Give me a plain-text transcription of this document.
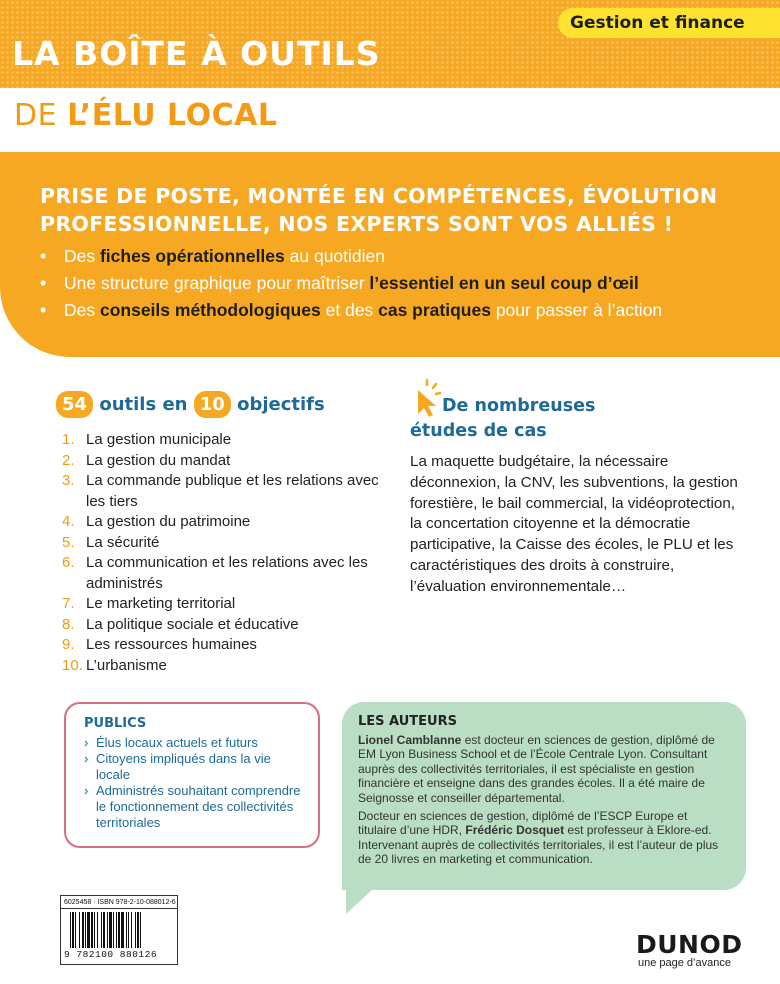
Gestion et finance
LA BOÎTE À OUTILS
DE L’ÉLU LOCAL
PRISE DE POSTE, MONTÉE EN COMPÉTENCES, ÉVOLUTION PROFESSIONNELLE, NOS EXPERTS SONT VOS ALLIÉS !
• Des fiches opérationnelles au quotidien
• Une structure graphique pour maîtriser l’essentiel en un seul coup d’œil
• Des conseils méthodologiques et des cas pratiques pour passer à l’action
54 outils en 10 objectifs
1. La gestion municipale
2. La gestion du mandat
3. La commande publique et les relations avec les tiers
4. La gestion du patrimoine
5. La sécurité
6. La communication et les relations avec les administrés
7. Le marketing territorial
8. La politique sociale et éducative
9. Les ressources humaines
10. L’urbanisme
De nombreuses
études de cas
La maquette budgétaire, la nécessaire déconnexion, la CNV, les subventions, la gestion forestière, le bail commercial, la vidéoprotection, la concertation citoyenne et la démocratie participative, la Caisse des écoles, le PLU et les caractéristiques des droits à construire, l’évaluation environnementale…
PUBLICS
› Élus locaux actuels et futurs
› Citoyens impliqués dans la vie locale
› Administrés souhaitant comprendre le fonctionnement des collectivités territoriales
LES AUTEURS

Lionel Camblanne est docteur en sciences de gestion, diplômé de EM Lyon Business School et de l’École Centrale Lyon. Consultant auprès des collectivités territoriales, il est spécialiste en gestion financière et enseigne dans des grandes écoles. Il a été maire de Seignosse et conseiller départemental.

Docteur en sciences de gestion, diplômé de l’ESCP Europe et titulaire d’une HDR, Frédéric Dosquet est professeur à Eklore-ed. Intervenant auprès de collectivités territoriales, il est l’auteur de plus de 20 livres en marketing et communication.

6025458 · ISBN 978-2-10-088012-6
9 782100 880126	DUNOD
une page d’avance
